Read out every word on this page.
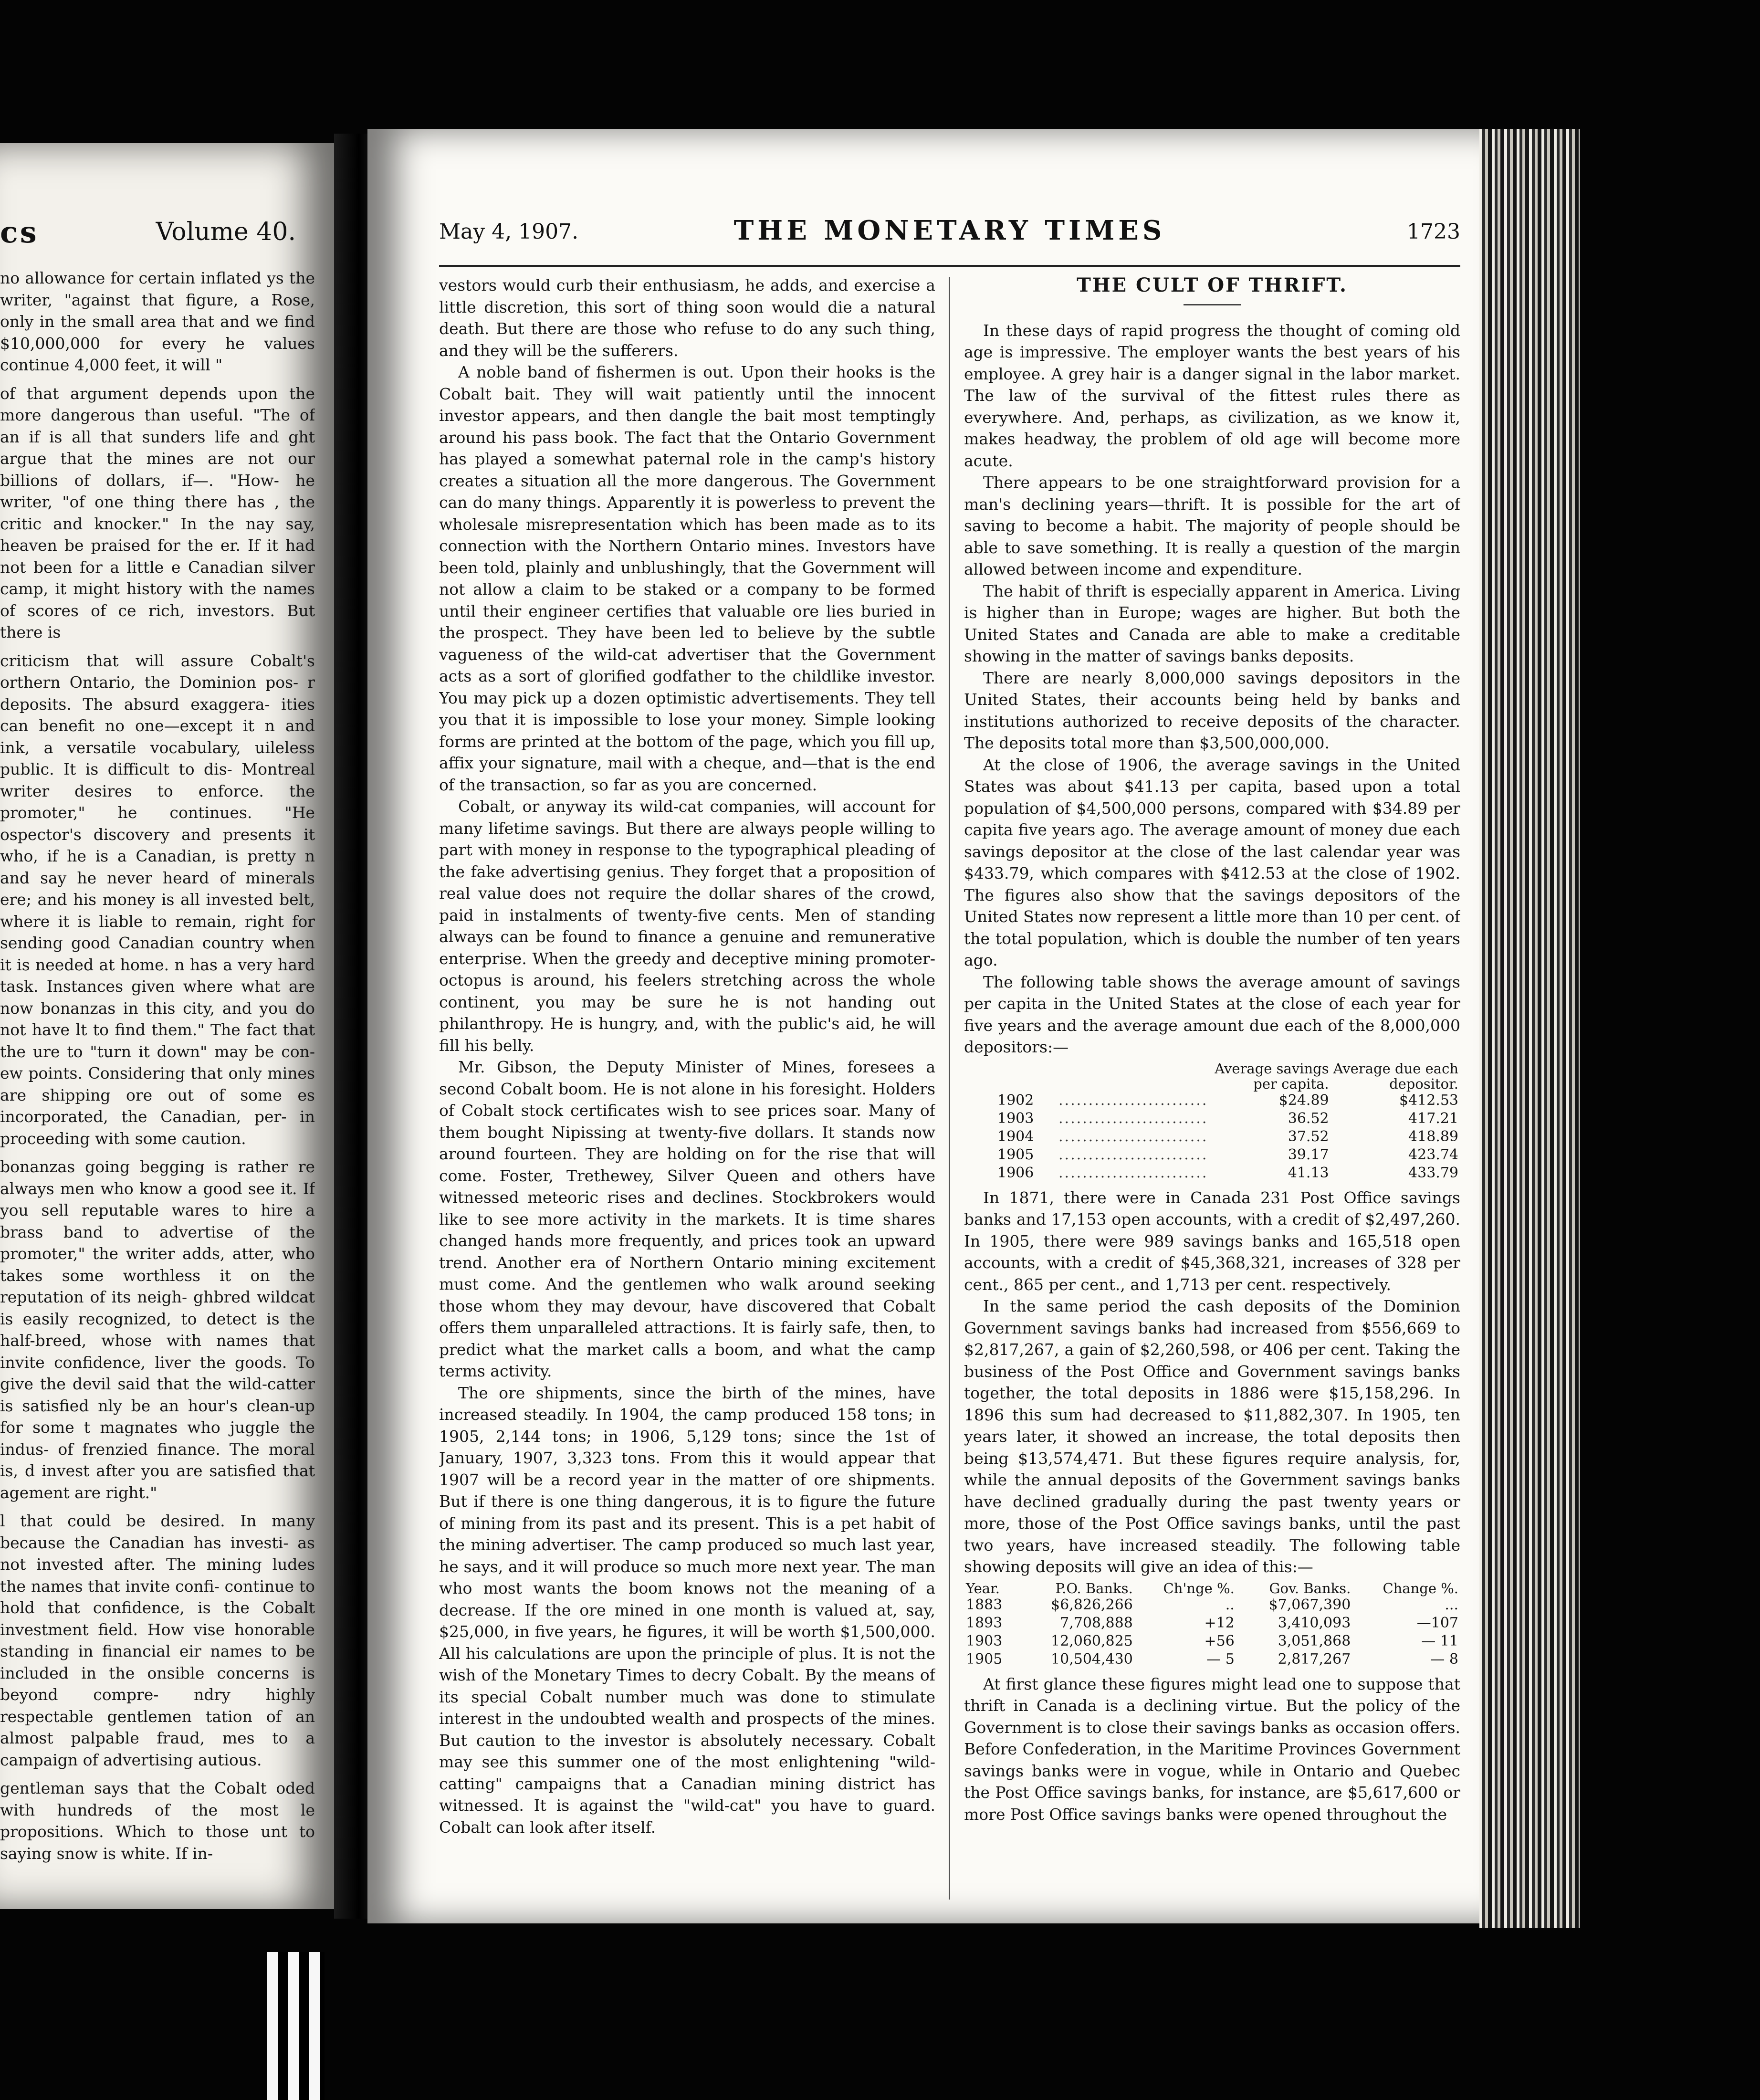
cs	Volume 40.

no allowance for certain inflated ys the writer, "against that figure, a Rose, only in the small area that and we find $10,000,000 for every he values continue 4,000 feet, it will "

of that argument depends upon the more dangerous than useful. "The of an if is all that sunders life and ght argue that the mines are not our billions of dollars, if—. "How- he writer, "of one thing there has , the critic and knocker." In the nay say, heaven be praised for the er. If it had not been for a little e Canadian silver camp, it might history with the names of scores of ce rich, investors. But there is

criticism that will assure Cobalt's orthern Ontario, the Dominion pos- r deposits. The absurd exaggera- ities can benefit no one—except it n and ink, a versatile vocabulary, uileless public. It is difficult to dis- Montreal writer desires to enforce. the promoter," he continues. "He ospector's discovery and presents it who, if he is a Canadian, is pretty n and say he never heard of minerals ere; and his money is all invested belt, where it is liable to remain, right for sending good Canadian country when it is needed at home. n has a very hard task. Instances given where what are now bonanzas in this city, and you do not have lt to find them." The fact that the ure to "turn it down" may be con- ew points. Considering that only mines are shipping ore out of some es incorporated, the Canadian, per- in proceeding with some caution.

bonanzas going begging is rather re always men who know a good see it. If you sell reputable wares to hire a brass band to advertise of the promoter," the writer adds, atter, who takes some worthless it on the reputation of its neigh- ghbred wildcat is easily recognized, to detect is the half-breed, whose with names that invite confidence, liver the goods. To give the devil said that the wild-catter is satisfied nly be an hour's clean-up for some t magnates who juggle the indus- of frenzied finance. The moral is, d invest after you are satisfied that agement are right."

l that could be desired. In many because the Canadian has investi- as not invested after. The mining ludes the names that invite confi- continue to hold that confidence, is the Cobalt investment field. How vise honorable standing in financial eir names to be included in the onsible concerns is beyond compre- ndry highly respectable gentlemen tation of an almost palpable fraud, mes to a campaign of advertising autious.

gentleman says that the Cobalt oded with hundreds of the most le propositions. Which to those unt to saying snow is white. If in-

May 4, 1907.	THE MONETARY TIMES	1723

vestors would curb their enthusiasm, he adds, and exercise a little discretion, this sort of thing soon would die a natural death. But there are those who refuse to do any such thing, and they will be the sufferers.

A noble band of fishermen is out. Upon their hooks is the Cobalt bait. They will wait patiently until the innocent investor appears, and then dangle the bait most temptingly around his pass book. The fact that the Ontario Government has played a somewhat paternal role in the camp's history creates a situation all the more dangerous. The Government can do many things. Apparently it is powerless to prevent the wholesale misrepresentation which has been made as to its connection with the Northern Ontario mines. Investors have been told, plainly and unblushingly, that the Government will not allow a claim to be staked or a company to be formed until their engineer certifies that valuable ore lies buried in the prospect. They have been led to believe by the subtle vagueness of the wild-cat advertiser that the Government acts as a sort of glorified godfather to the childlike investor. You may pick up a dozen optimistic advertisements. They tell you that it is impossible to lose your money. Simple looking forms are printed at the bottom of the page, which you fill up, affix your signature, mail with a cheque, and—that is the end of the transaction, so far as you are concerned.

Cobalt, or anyway its wild-cat companies, will account for many lifetime savings. But there are always people willing to part with money in response to the typographical pleading of the fake advertising genius. They forget that a proposition of real value does not require the dollar shares of the crowd, paid in instalments of twenty-five cents. Men of standing always can be found to finance a genuine and remunerative enterprise. When the greedy and deceptive mining promoter-octopus is around, his feelers stretching across the whole continent, you may be sure he is not handing out philanthropy. He is hungry, and, with the public's aid, he will fill his belly.

Mr. Gibson, the Deputy Minister of Mines, foresees a second Cobalt boom. He is not alone in his foresight. Holders of Cobalt stock certificates wish to see prices soar. Many of them bought Nipissing at twenty-five dollars. It stands now around fourteen. They are holding on for the rise that will come. Foster, Trethewey, Silver Queen and others have witnessed meteoric rises and declines. Stockbrokers would like to see more activity in the markets. It is time shares changed hands more frequently, and prices took an upward trend. Another era of Northern Ontario mining excitement must come. And the gentlemen who walk around seeking those whom they may devour, have discovered that Cobalt offers them unparalleled attractions. It is fairly safe, then, to predict what the market calls a boom, and what the camp terms activity.

The ore shipments, since the birth of the mines, have increased steadily. In 1904, the camp produced 158 tons; in 1905, 2,144 tons; in 1906, 5,129 tons; since the 1st of January, 1907, 3,323 tons. From this it would appear that 1907 will be a record year in the matter of ore shipments. But if there is one thing dangerous, it is to figure the future of mining from its past and its present. This is a pet habit of the mining advertiser. The camp produced so much last year, he says, and it will produce so much more next year. The man who most wants the boom knows not the meaning of a decrease. If the ore mined in one month is valued at, say, $25,000, in five years, he figures, it will be worth $1,500,000. All his calculations are upon the principle of plus. It is not the wish of the Monetary Times to decry Cobalt. By the means of its special Cobalt number much was done to stimulate interest in the undoubted wealth and prospects of the mines. But caution to the investor is absolutely necessary. Cobalt may see this summer one of the most enlightening "wild-catting" campaigns that a Canadian mining district has witnessed. It is against the "wild-cat" you have to guard. Cobalt can look after itself.

THE CULT OF THRIFT.

In these days of rapid progress the thought of coming old age is impressive. The employer wants the best years of his employee. A grey hair is a danger signal in the labor market. The law of the survival of the fittest rules there as everywhere. And, perhaps, as civilization, as we know it, makes headway, the problem of old age will become more acute.

There appears to be one straightforward provision for a man's declining years—thrift. It is possible for the art of saving to become a habit. The majority of people should be able to save something. It is really a question of the margin allowed between income and expenditure.

The habit of thrift is especially apparent in America. Living is higher than in Europe; wages are higher. But both the United States and Canada are able to make a creditable showing in the matter of savings banks deposits.

There are nearly 8,000,000 savings depositors in the United States, their accounts being held by banks and institutions authorized to receive deposits of the character. The deposits total more than $3,500,000,000.

At the close of 1906, the average savings in the United States was about $41.13 per capita, based upon a total population of $4,500,000 persons, compared with $34.89 per capita five years ago. The average amount of money due each savings depositor at the close of the last calendar year was $433.79, which compares with $412.53 at the close of 1902. The figures also show that the savings depositors of the United States now represent a little more than 10 per cent. of the total population, which is double the number of ten years ago.

The following table shows the average amount of savings per capita in the United States at the close of each year for five years and the average amount due each of the 8,000,000 depositors:—

		Average savings per capita.	Average due each depositor.
1902	.........................	$24.89	$412.53
1903	.........................	36.52	417.21
1904	.........................	37.52	418.89
1905	.........................	39.17	423.74
1906	.........................	41.13	433.79

In 1871, there were in Canada 231 Post Office savings banks and 17,153 open accounts, with a credit of $2,497,260. In 1905, there were 989 savings banks and 165,518 open accounts, with a credit of $45,368,321, increases of 328 per cent., 865 per cent., and 1,713 per cent. respectively.

In the same period the cash deposits of the Dominion Government savings banks had increased from $556,669 to $2,817,267, a gain of $2,260,598, or 406 per cent. Taking the business of the Post Office and Government savings banks together, the total deposits in 1886 were $15,158,296. In 1896 this sum had decreased to $11,882,307. In 1905, ten years later, it showed an increase, the total deposits then being $13,574,471. But these figures require analysis, for, while the annual deposits of the Government savings banks have declined gradually during the past twenty years or more, those of the Post Office savings banks, until the past two years, have increased steadily. The following table showing deposits will give an idea of this:—

Year.	P.O. Banks.	Ch'nge %.	Gov. Banks.	Change %.
1883	$6,826,266	..	$7,067,390	...
1893	7,708,888	+12	3,410,093	—107
1903	12,060,825	+56	3,051,868	— 11
1905	10,504,430	— 5	2,817,267	— 8

At first glance these figures might lead one to suppose that thrift in Canada is a declining virtue. But the policy of the Government is to close their savings banks as occasion offers. Before Confederation, in the Maritime Provinces Government savings banks were in vogue, while in Ontario and Quebec the Post Office savings banks, for instance, are $5,617,600 or more Post Office savings banks were opened throughout the
